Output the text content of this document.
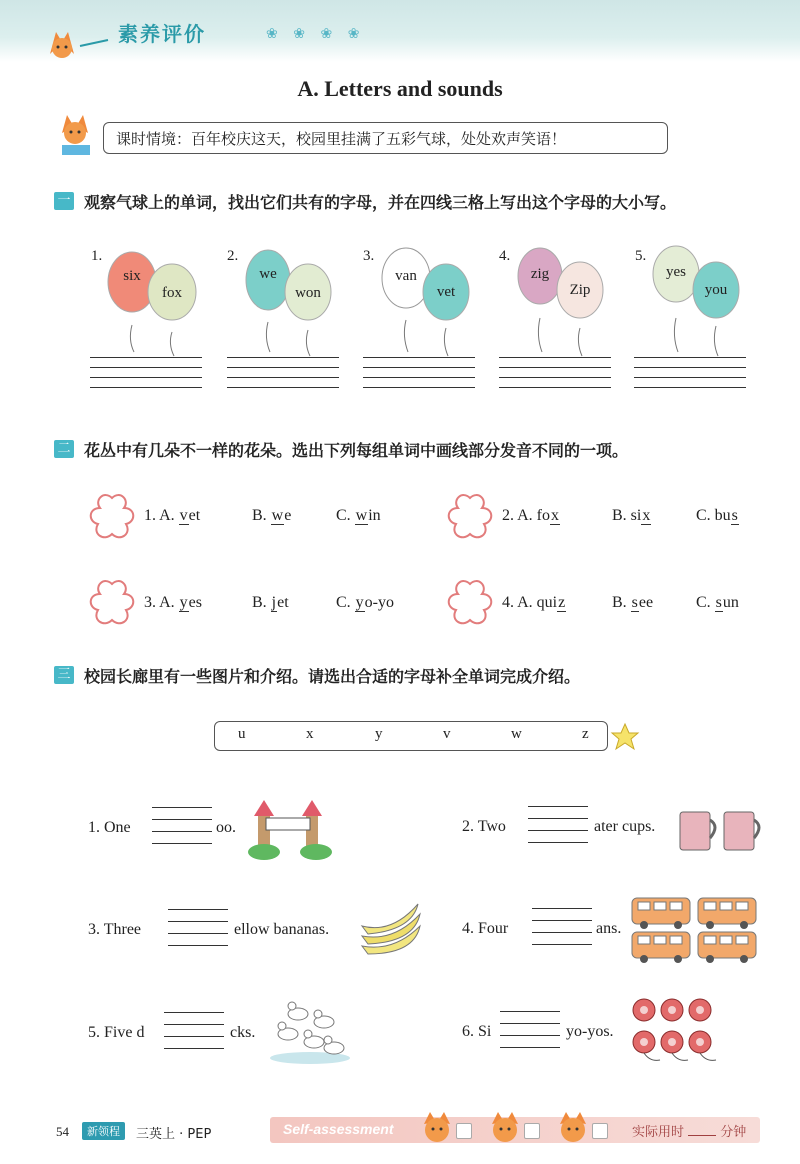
素养评价	❀ ❀ ❀ ❀
A. Letters and sounds
课时情境：百年校庆这天，校园里挂满了五彩气球，处处欢声笑语！
一 观察气球上的单词，找出它们共有的字母，并在四线三格上写出这个字母的大小写。
1.
six
fox
2.
we
won
3.
van
vet
4.
zig
Zip
5.
yes
you
二 花丛中有几朵不一样的花朵。选出下列每组单词中画线部分发音不同的一项。
1. A. vet	B. we	C. win	2. A. fox	B. six	C. bus
3. A. yes	B. jet	C. yo-yo	4. A. quiz	B. see	C. sun
三 校园长廊里有一些图片和介绍。请选出合适的字母补全单词完成介绍。
u	x	y	v	w	z
1. One	oo.	2. Two	ater cups.
3. Three	ellow bananas.	4. Four	ans.
5. Five d	cks.	6. Si	yo-yos.
54	新领程	三英上 · PEP	Self-assessment	实际用时	分钟
